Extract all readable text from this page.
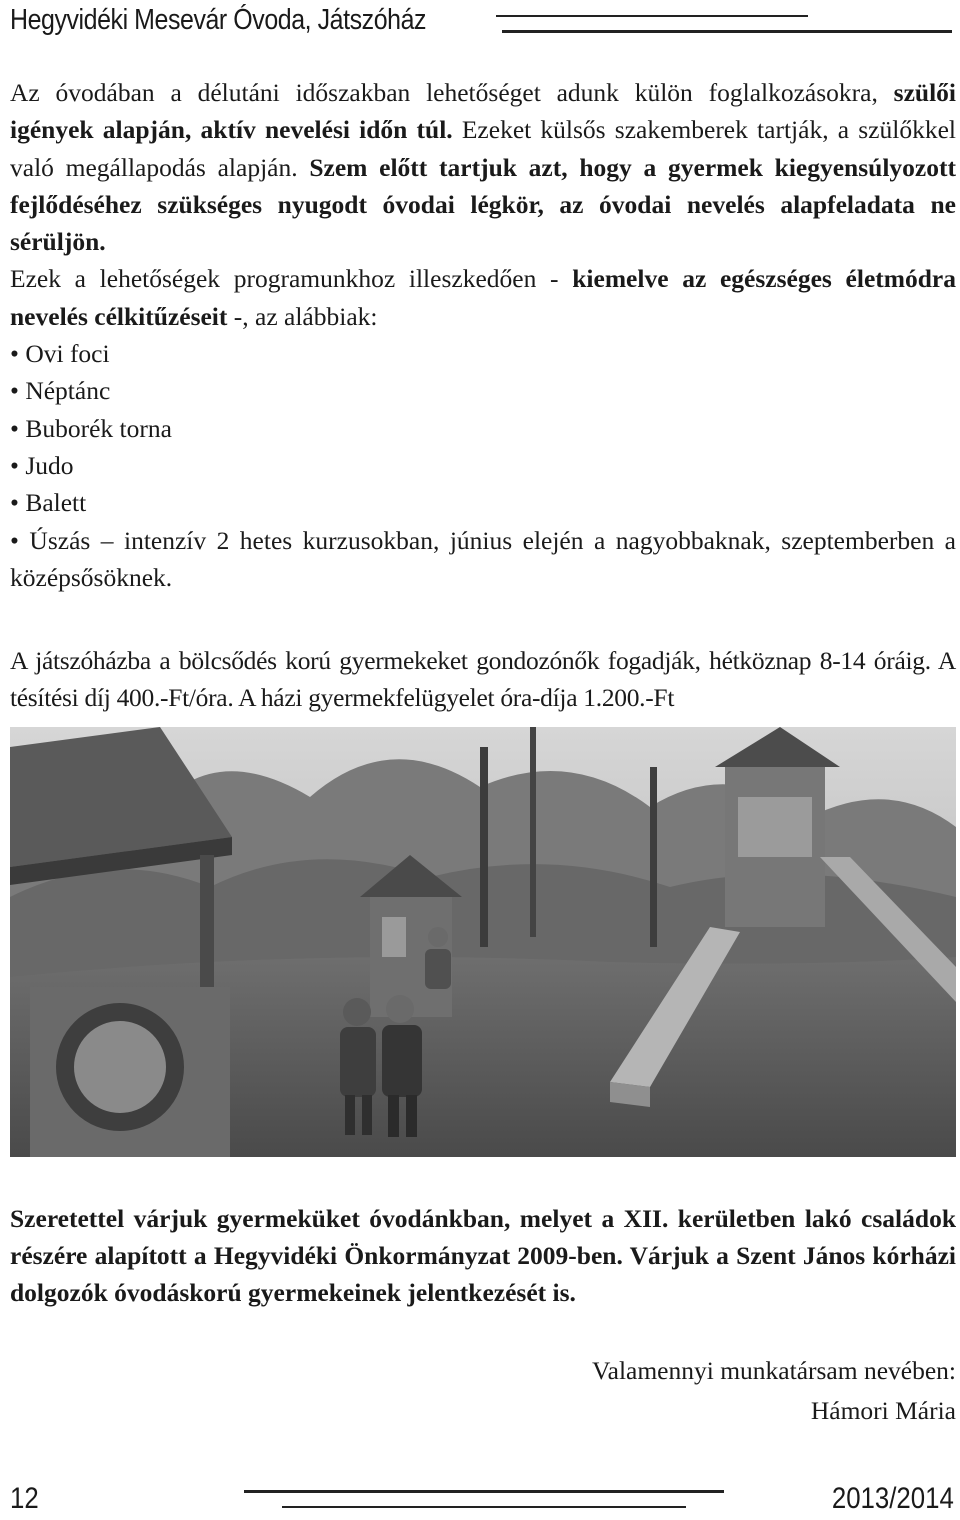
Hegyvidéki Mesevár Óvoda, Játszóház

Az óvodában a délutáni időszakban lehetőséget adunk külön foglalkozásokra, szülői igények alapján, aktív nevelési időn túl. Ezeket külsős szakemberek tartják, a szülőkkel való megállapodás alapján. Szem előtt tartjuk azt, hogy a gyermek kiegyensúlyozott fejlődéséhez szükséges nyugodt óvodai légkör, az óvodai nevelés alapfeladata ne sérüljön.

Ezek a lehetőségek programunkhoz illeszkedően - kiemelve az egészséges életmódra nevelés célkitűzéseit -, az alábbiak:

• Ovi foci
• Néptánc
• Buborék torna
• Judo
• Balett
• Úszás – intenzív 2 hetes kurzusokban, június elején a nagyobbaknak, szeptemberben a középsősöknek.

A játszóházba a bölcsődés korú gyermekeket gondozónők fogadják, hétköznap 8-14 óráig. A tésítési díj 400.-Ft/óra. A házi gyermekfelügyelet óra-díja 1.200.-Ft

Szeretettel várjuk gyermeküket óvodánkban, melyet a XII. kerületben lakó családok részére alapított a Hegyvidéki Önkormányzat 2009-ben. Várjuk a Szent János kórházi dolgozók óvodáskorú gyermekeinek jelentkezését is.

Valamennyi munkatársam nevében:
Hámori Mária
12	2013/2014
